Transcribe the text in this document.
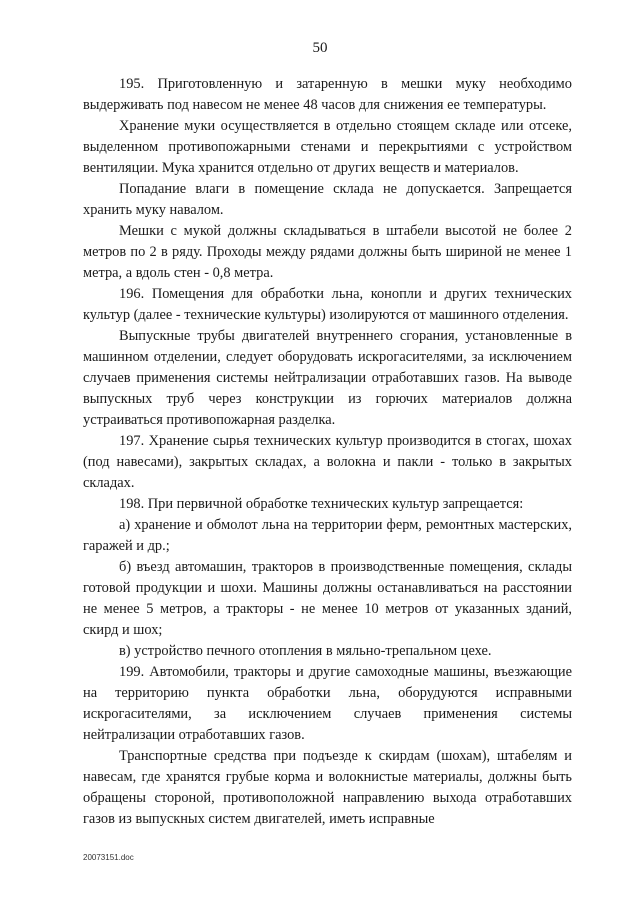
50

195. Приготовленную и затаренную в мешки муку необходимо выдерживать под навесом не менее 48 часов для снижения ее температуры.

Хранение муки осуществляется в отдельно стоящем складе или отсеке, выделенном противопожарными стенами и перекрытиями с устройством вентиляции. Мука хранится отдельно от других веществ и материалов.

Попадание влаги в помещение склада не допускается. Запрещается хранить муку навалом.

Мешки с мукой должны складываться в штабели высотой не более 2 метров по 2 в ряду. Проходы между рядами должны быть шириной не менее 1 метра, а вдоль стен - 0,8 метра.

196. Помещения для обработки льна, конопли и других технических культур (далее - технические культуры) изолируются от машинного отделения.

Выпускные трубы двигателей внутреннего сгорания, установленные в машинном отделении, следует оборудовать искрогасителями, за исключением случаев применения системы нейтрализации отработавших газов. На выводе выпускных труб через конструкции из горючих материалов должна устраиваться противопожарная разделка.

197. Хранение сырья технических культур производится в стогах, шохах (под навесами), закрытых складах, а волокна и пакли - только в закрытых складах.

198. При первичной обработке технических культур запрещается:

а) хранение и обмолот льна на территории ферм, ремонтных мастерских, гаражей и др.;

б) въезд автомашин, тракторов в производственные помещения, склады готовой продукции и шохи. Машины должны останавливаться на расстоянии не менее 5 метров, а тракторы - не менее 10 метров от указанных зданий, скирд и шох;

в) устройство печного отопления в мяльно-трепальном цехе.

199. Автомобили, тракторы и другие самоходные машины, въезжающие на территорию пункта обработки льна, оборудуются исправными искрогасителями, за исключением случаев применения системы нейтрализации отработавших газов.

Транспортные средства при подъезде к скирдам (шохам), штабелям и навесам, где хранятся грубые корма и волокнистые материалы, должны быть обращены стороной, противоположной направлению выхода отработавших газов из выпускных систем двигателей, иметь исправные

20073151.doc
